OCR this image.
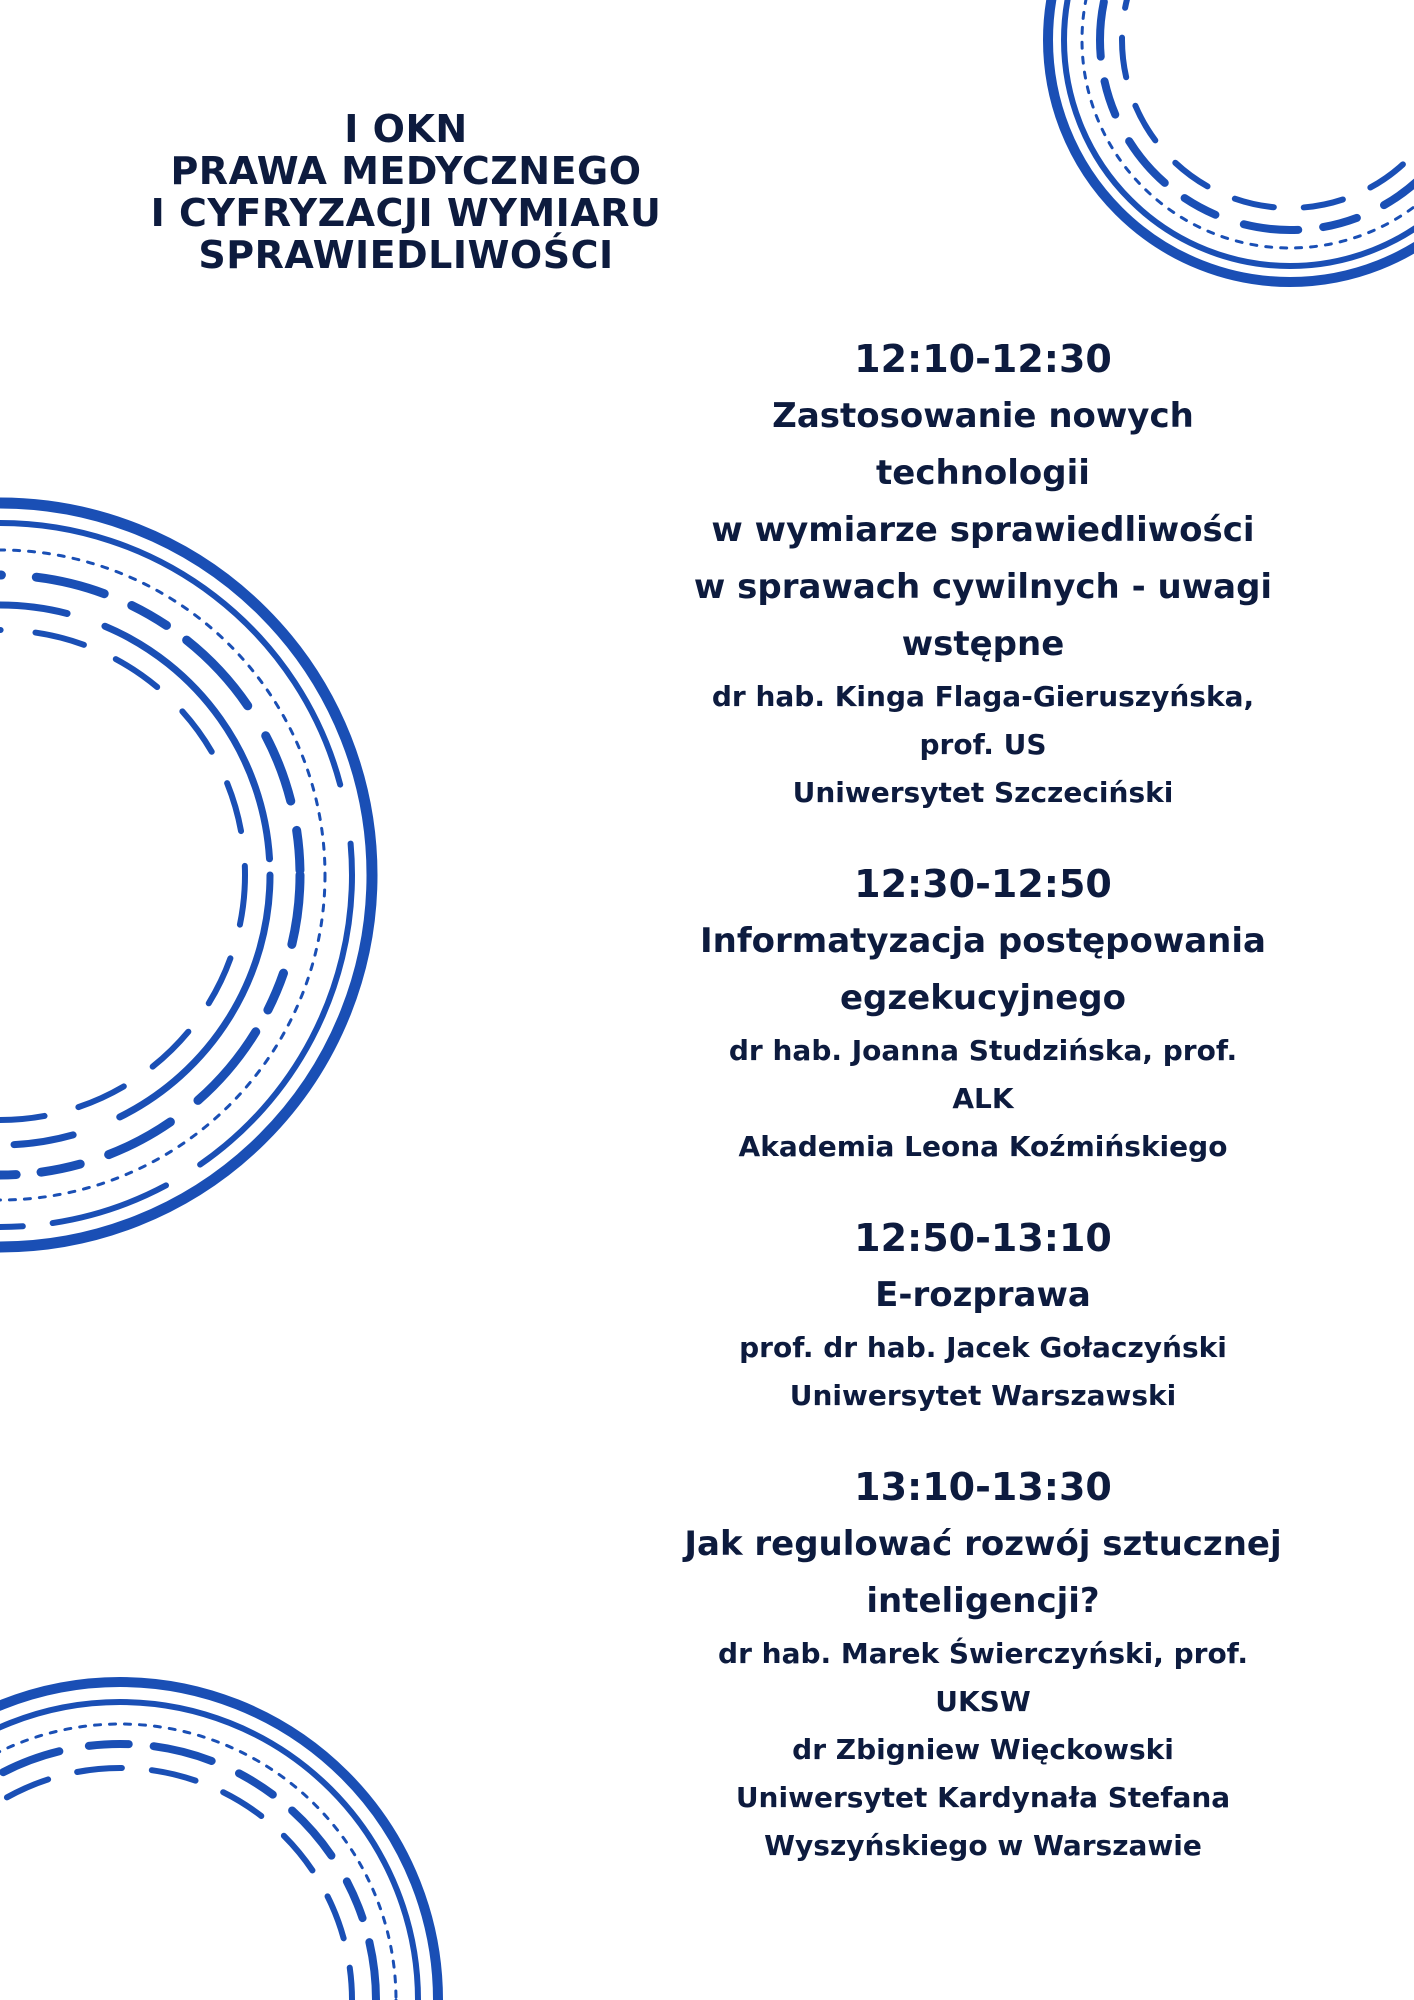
I OKN
PRAWA MEDYCZNEGO
I CYFRYZACJI WYMIARU
SPRAWIEDLIWOŚCI
12:10-12:30
Zastosowanie nowych
technologii
w wymiarze sprawiedliwości
w sprawach cywilnych - uwagi
wstępne
dr hab. Kinga Flaga-Gieruszyńska,
prof. US
Uniwersytet Szczeciński
12:30-12:50
Informatyzacja postępowania
egzekucyjnego
dr hab. Joanna Studzińska, prof.
ALK
Akademia Leona Koźmińskiego
12:50-13:10
E-rozprawa
prof. dr hab. Jacek Gołaczyński
Uniwersytet Warszawski
13:10-13:30
Jak regulować rozwój sztucznej
inteligencji?
dr hab. Marek Świerczyński, prof.
UKSW
dr Zbigniew Więckowski
Uniwersytet Kardynała Stefana
Wyszyńskiego w Warszawie
